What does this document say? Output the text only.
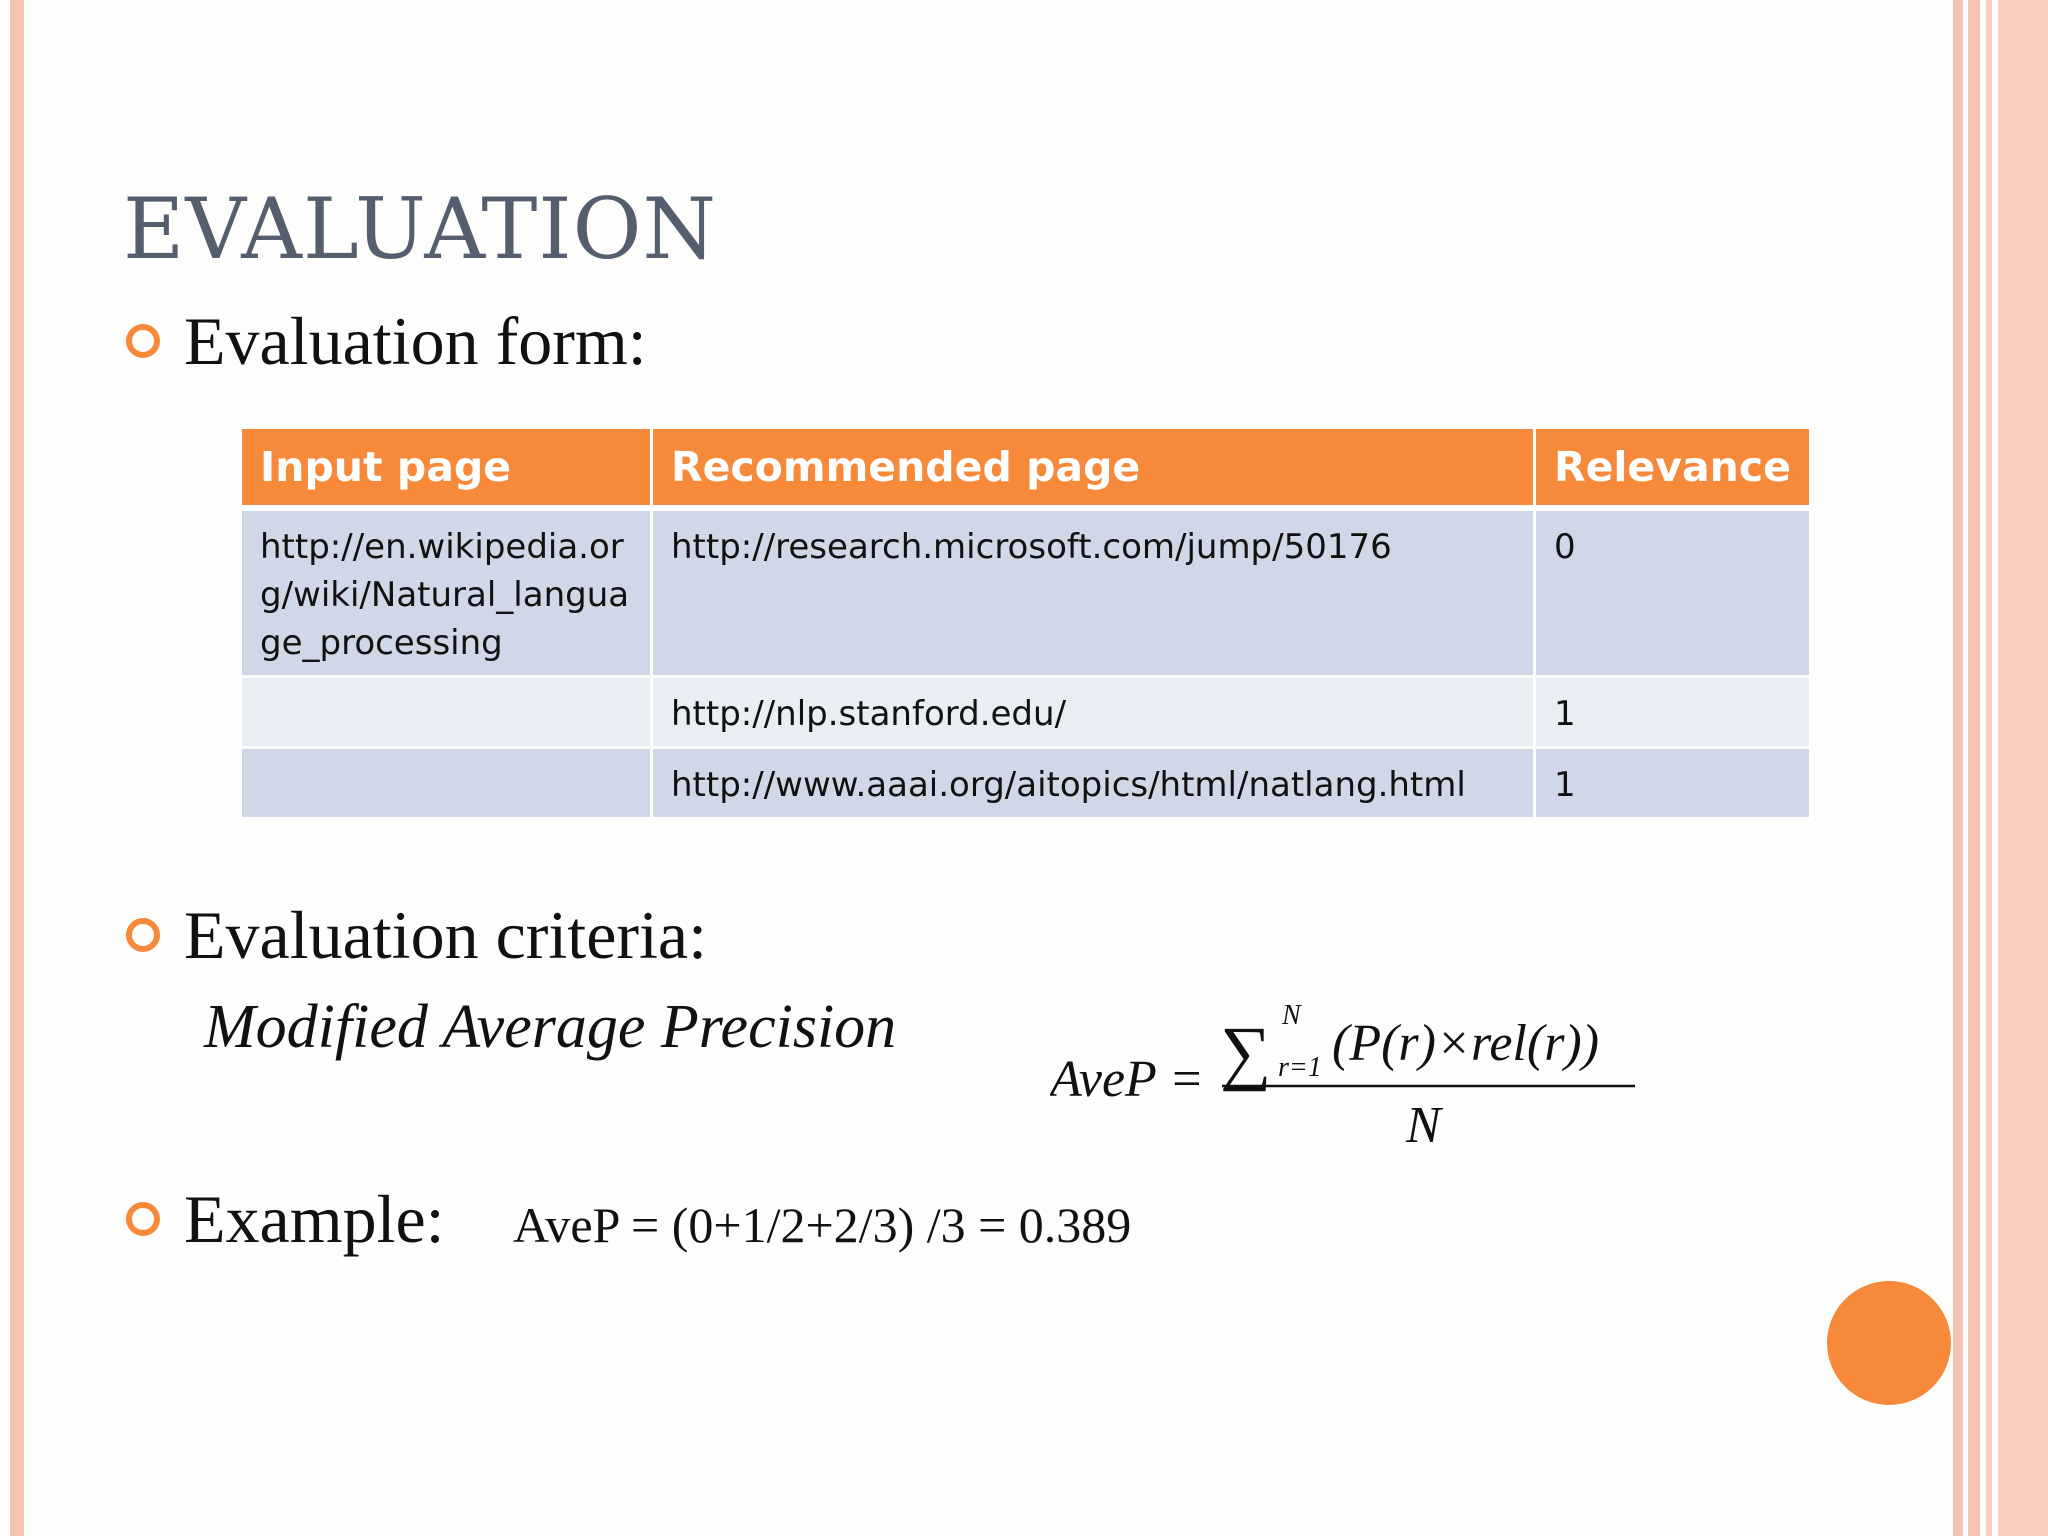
EVALUATION
Evaluation form:
Input page	Recommended page	Relevance

http://en.wikipedia.org/wiki/Natural_language_processing	http://research.microsoft.com/jump/50176	0
	http://nlp.stanford.edu/	1
	http://www.aaai.org/aitopics/html/natlang.html	1
Evaluation criteria:
Modified Average Precision
AveP = ∑ N
r=1 (P(r)×rel(r))
N
Example: AveP = (0+1/2+2/3) /3 = 0.389
